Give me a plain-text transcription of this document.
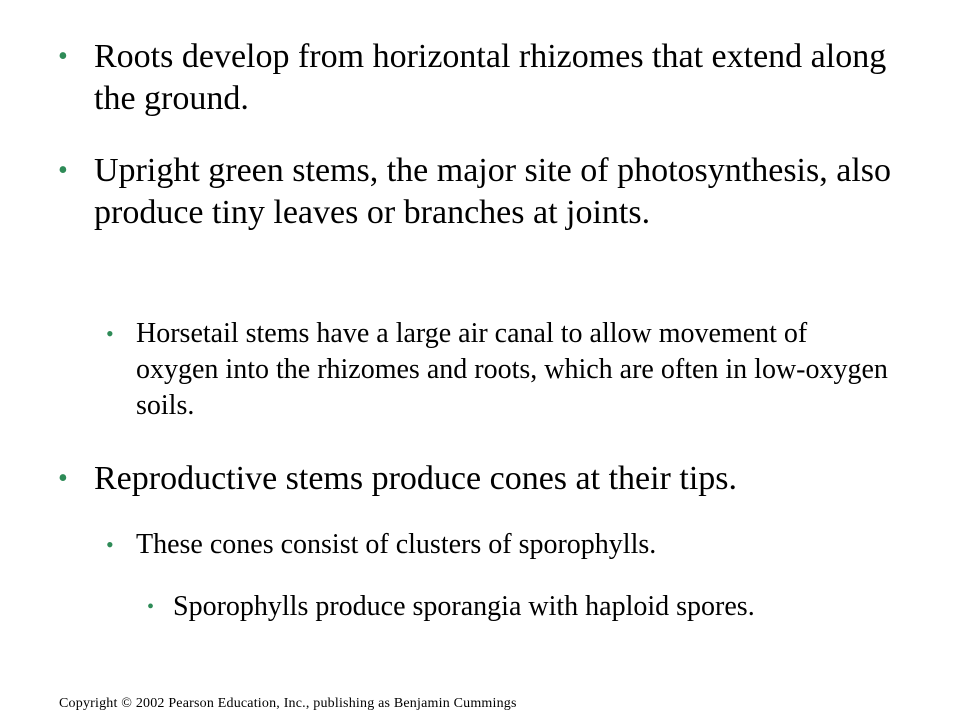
• Roots develop from horizontal rhizomes that extend along the ground.
• Upright green stems, the major site of photosynthesis, also produce tiny leaves or branches at joints.
• Horsetail stems have a large air canal to allow movement of oxygen into the rhizomes and roots, which are often in low-oxygen soils.
• Reproductive stems produce cones at their tips.
• These cones consist of clusters of sporophylls.
• Sporophylls produce sporangia with haploid spores.
Copyright © 2002 Pearson Education, Inc., publishing as Benjamin Cummings
